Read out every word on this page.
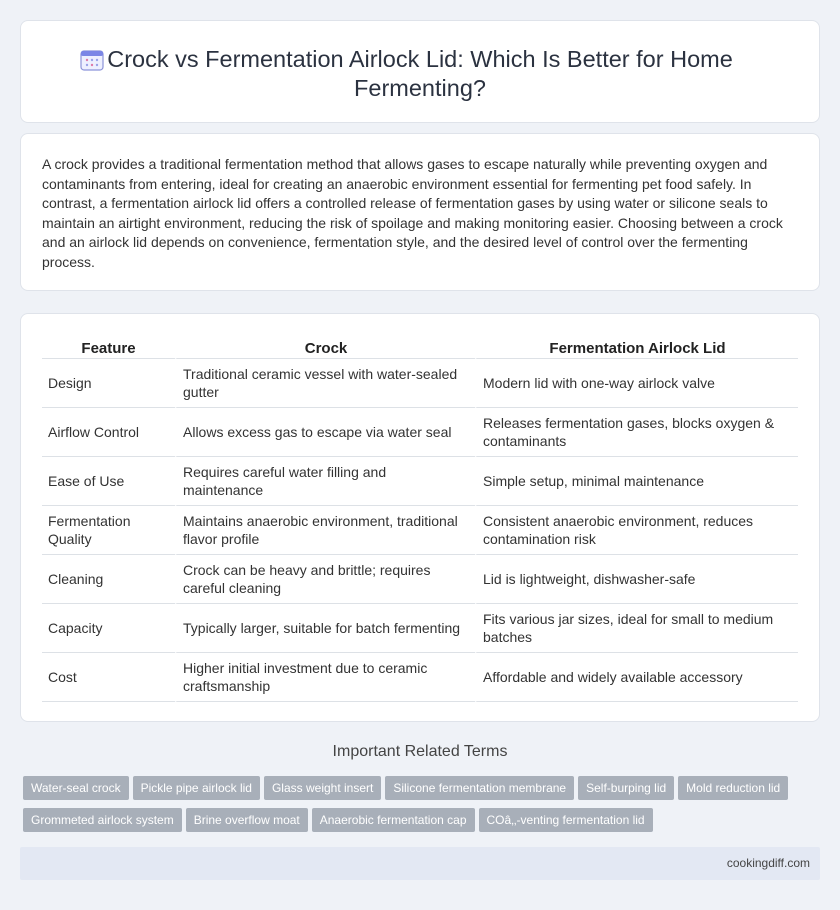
Crock vs Fermentation Airlock Lid: Which Is Better for Home Fermenting?

A crock provides a traditional fermentation method that allows gases to escape naturally while preventing oxygen and contaminants from entering, ideal for creating an anaerobic environment essential for fermenting pet food safely. In contrast, a fermentation airlock lid offers a controlled release of fermentation gases by using water or silicone seals to maintain an airtight environment, reducing the risk of spoilage and making monitoring easier. Choosing between a crock and an airlock lid depends on convenience, fermentation style, and the desired level of control over the fermenting process.

Feature	Crock	Fermentation Airlock Lid
Design	Traditional ceramic vessel with water-sealed gutter	Modern lid with one-way airlock valve
Airflow Control	Allows excess gas to escape via water seal	Releases fermentation gases, blocks oxygen & contaminants
Ease of Use	Requires careful water filling and maintenance	Simple setup, minimal maintenance
Fermentation Quality	Maintains anaerobic environment, traditional flavor profile	Consistent anaerobic environment, reduces contamination risk
Cleaning	Crock can be heavy and brittle; requires careful cleaning	Lid is lightweight, dishwasher-safe
Capacity	Typically larger, suitable for batch fermenting	Fits various jar sizes, ideal for small to medium batches
Cost	Higher initial investment due to ceramic craftsmanship	Affordable and widely available accessory
Important Related Terms
Water-seal crock Pickle pipe airlock lid Glass weight insert Silicone fermentation membrane Self-burping lid Mold reduction lid
Grommeted airlock system Brine overflow moat Anaerobic fermentation cap COâ‚‚-venting fermentation lid
cookingdiff.com
